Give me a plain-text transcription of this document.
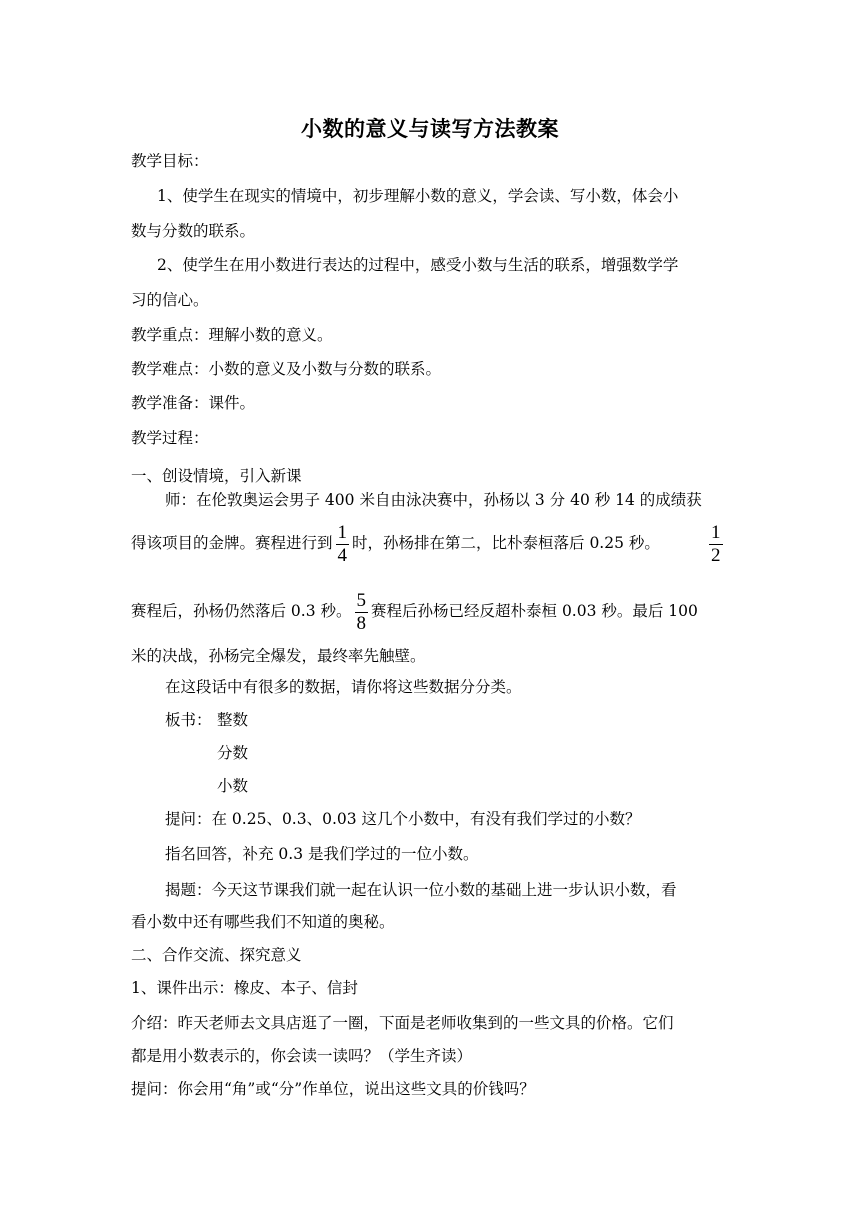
小数的意义与读写方法教案
教学目标：
1、使学生在现实的情境中，初步理解小数的意义，学会读、写小数，体会小
数与分数的联系。
2、使学生在用小数进行表达的过程中，感受小数与生活的联系，增强数学学
习的信心。
教学重点：理解小数的意义。
教学难点：小数的意义及小数与分数的联系。
教学准备：课件。
教学过程：
一、创设情境，引入新课
师：在伦敦奥运会男子 400 米自由泳决赛中，孙杨以 3 分 40 秒 14 的成绩获
得该项目的金牌。赛程进行到 $\frac{1}{4}$ 时，孙杨排在第二，比朴泰桓落后 0.25 秒。	$\frac{1}{2}$
赛程后，孙杨仍然落后 0.3 秒。 $\frac{5}{8}$ 赛程后孙杨已经反超朴泰桓 0.03 秒。最后 100
米的决战，孙杨完全爆发，最终率先触壁。
在这段话中有很多的数据，请你将这些数据分分类。
板书： 整数
分数
小数
提问：在 0.25、0.3、0.03 这几个小数中，有没有我们学过的小数？
指名回答，补充 0.3 是我们学过的一位小数。
揭题：今天这节课我们就一起在认识一位小数的基础上进一步认识小数，看
看小数中还有哪些我们不知道的奥秘。
二、合作交流、探究意义
1、课件出示：橡皮、本子、信封
介绍：昨天老师去文具店逛了一圈，下面是老师收集到的一些文具的价格。它们
都是用小数表示的，你会读一读吗？（学生齐读）
提问：你会用“角”或“分”作单位，说出这些文具的价钱吗？
